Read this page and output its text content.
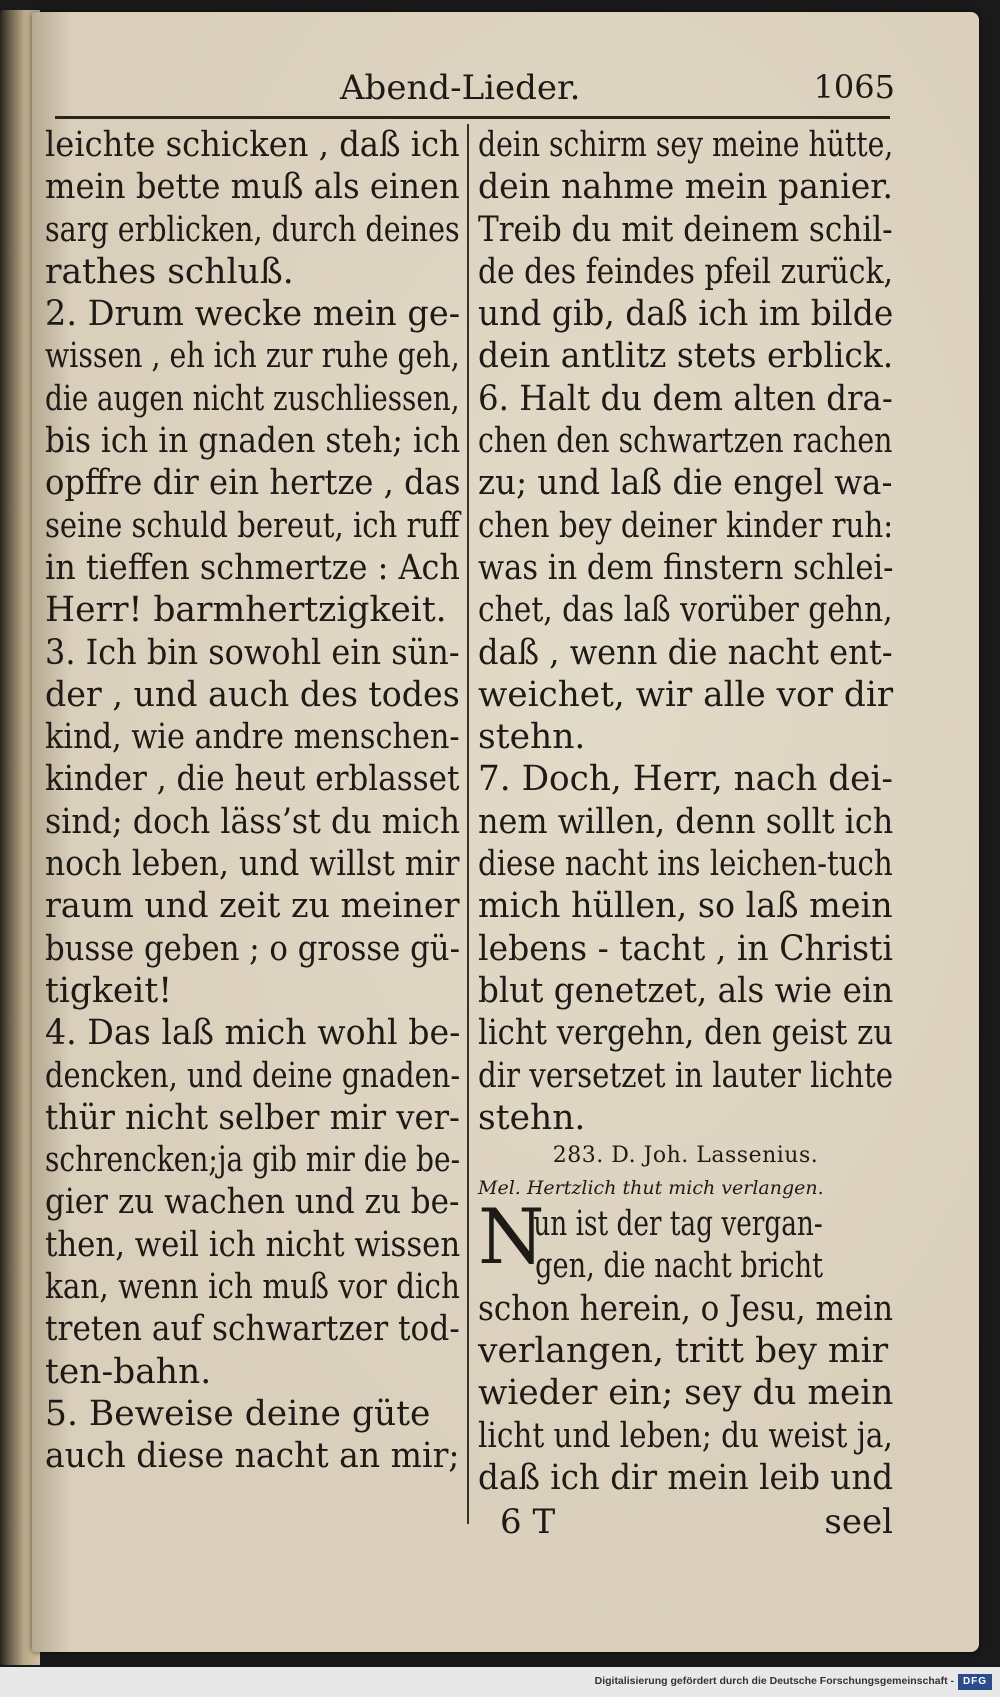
Abend-Lieder.	1065
leichte schicken , daß ich
mein bette muß als einen
sarg erblicken, durch deines
rathes schluß.
2. Drum wecke mein ge-
wissen , eh ich zur ruhe geh,
die augen nicht zuschliessen,
bis ich in gnaden steh; ich
opffre dir ein hertze , das
seine schuld bereut, ich ruff
in tieffen schmertze : Ach
Herr! barmhertzigkeit.
3. Ich bin sowohl ein sün-
der , und auch des todes
kind, wie andre menschen-
kinder , die heut erblasset
sind; doch läss’st du mich
noch leben, und willst mir
raum und zeit zu meiner
busse geben ; o grosse gü-
tigkeit!
4. Das laß mich wohl be-
dencken, und deine gnaden-
thür nicht selber mir ver-
schrencken;ja gib mir die be-
gier zu wachen und zu be-
then, weil ich nicht wissen
kan, wenn ich muß vor dich
treten auf schwartzer tod-
ten-bahn.
5. Beweise deine güte
auch diese nacht an mir;
dein schirm sey meine hütte,
dein nahme mein panier.
Treib du mit deinem schil-
de des feindes pfeil zurück,
und gib, daß ich im bilde
dein antlitz stets erblick.
6. Halt du dem alten dra-
chen den schwartzen rachen
zu; und laß die engel wa-
chen bey deiner kinder ruh:
was in dem finstern schlei-
chet, das laß vorüber gehn,
daß , wenn die nacht ent-
weichet, wir alle vor dir
stehn.
7. Doch, Herr, nach dei-
nem willen, denn sollt ich
diese nacht ins leichen-tuch
mich hüllen, so laß mein
lebens - tacht , in Christi
blut genetzet, als wie ein
licht vergehn, den geist zu
dir versetzet in lauter lichte
stehn.
283. D. Joh. Lassenius.
Mel. Hertzlich thut mich verlangen.
N
un ist der tag vergan-
gen, die nacht bricht
schon herein, o Jesu, mein
verlangen, tritt bey mir
wieder ein; sey du mein
licht und leben; du weist ja,
daß ich dir mein leib und
6 T	seel
Digitalisierung gefördert durch die Deutsche Forschungsgemeinschaft - DFG
